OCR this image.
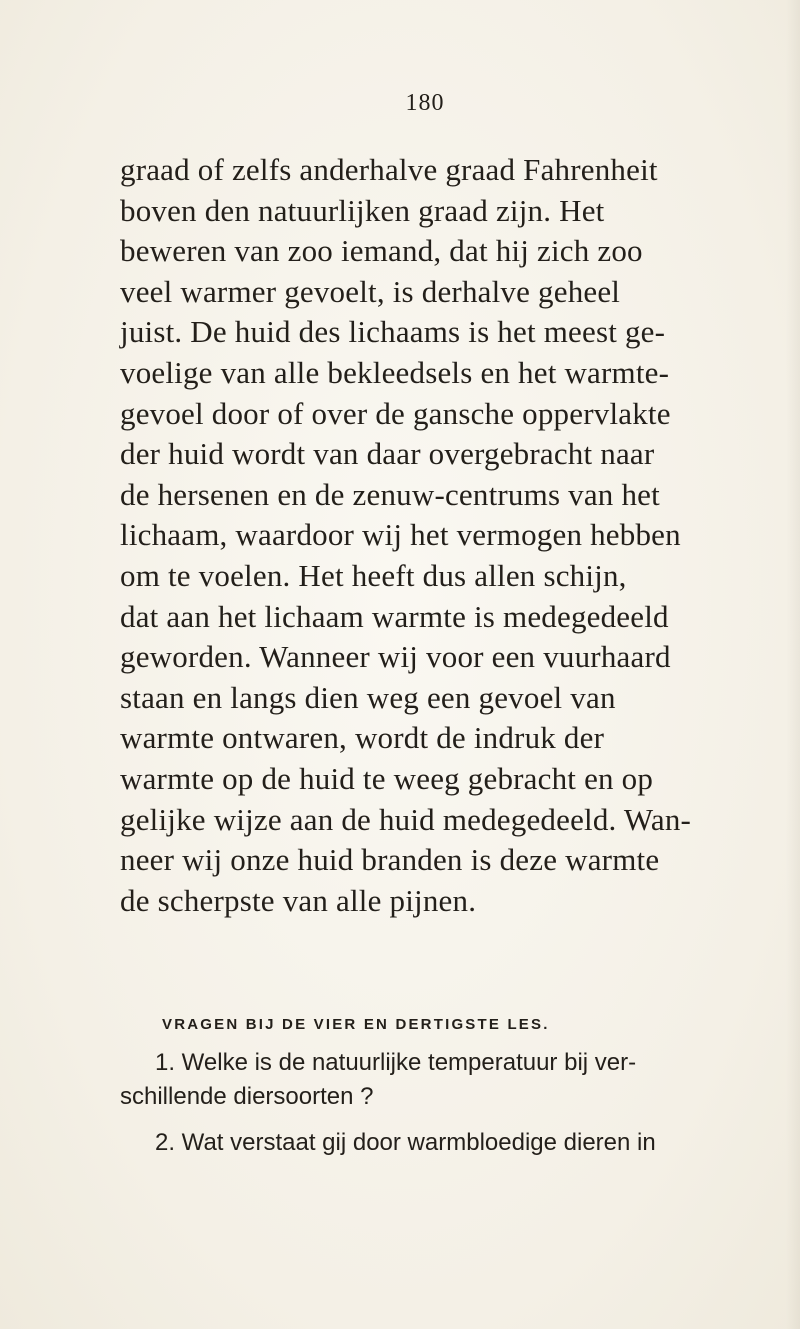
180
graad of zelfs anderhalve graad Fahrenheit
boven den natuurlijken graad zijn. Het
beweren van zoo iemand, dat hij zich zoo
veel warmer gevoelt, is derhalve geheel
juist. De huid des lichaams is het meest ge-
voelige van alle bekleedsels en het warmte-
gevoel door of over de gansche oppervlakte
der huid wordt van daar overgebracht naar
de hersenen en de zenuw-centrums van het
lichaam, waardoor wij het vermogen hebben
om te voelen. Het heeft dus allen schijn,
dat aan het lichaam warmte is medegedeeld
geworden. Wanneer wij voor een vuurhaard
staan en langs dien weg een gevoel van
warmte ontwaren, wordt de indruk der
warmte op de huid te weeg gebracht en op
gelijke wijze aan de huid medegedeeld. Wan-
neer wij onze huid branden is deze warmte
de scherpste van alle pijnen.
VRAGEN BIJ DE VIER EN DERTIGSTE LES.
1. Welke is de natuurlijke temperatuur bij ver-
schillende diersoorten ?
2. Wat verstaat gij door warmbloedige dieren in
